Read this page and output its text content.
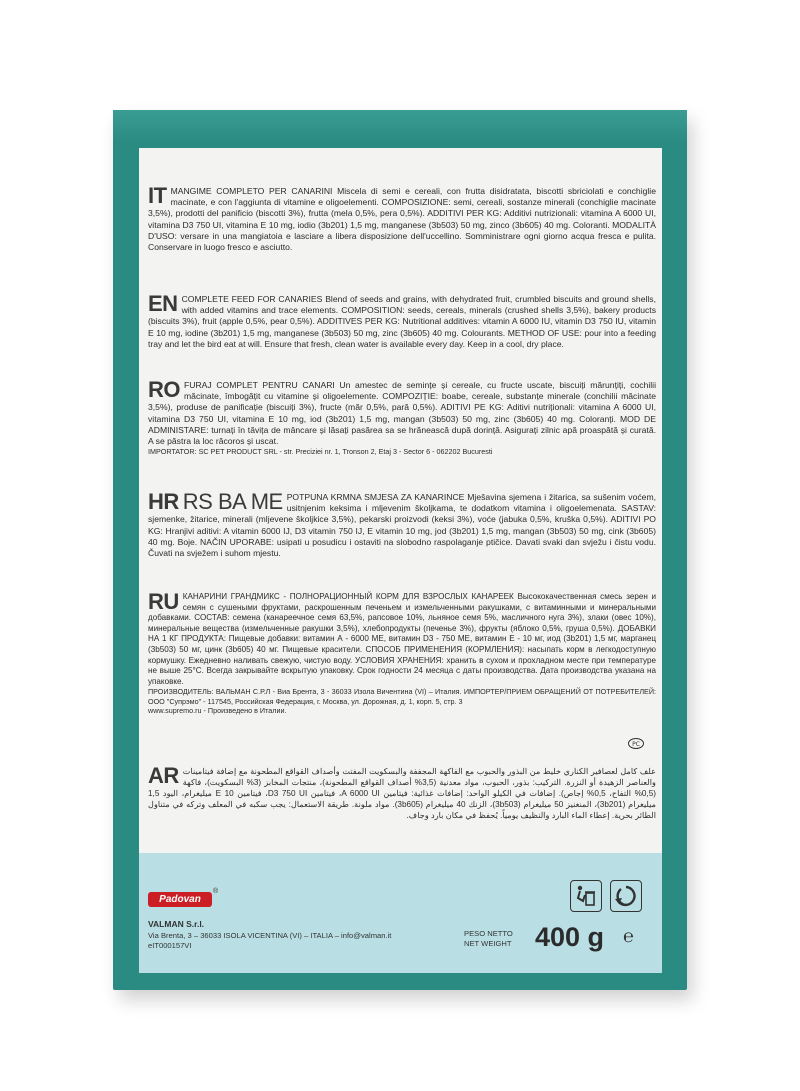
IT MANGIME COMPLETO PER CANARINI Miscela di semi e cereali, con frutta disidratata, biscotti sbriciolati e conchiglie macinate, e con l'aggiunta di vitamine e oligoelementi. COMPOSIZIONE: semi, cereali, sostanze minerali (conchiglie macinate 3,5%), prodotti del panificio (biscotti 3%), frutta (mela 0,5%, pera 0,5%). ADDITIVI PER KG: Additivi nutrizionali: vitamina A 6000 UI, vitamina D3 750 UI, vitamina E 10 mg, iodio (3b201) 1,5 mg, manganese (3b503) 50 mg, zinco (3b605) 40 mg. Coloranti. MODALITÀ D'USO: versare in una mangiatoia e lasciare a libera disposizione dell'uccellino. Somministrare ogni giorno acqua fresca e pulita. Conservare in luogo fresco e asciutto.
EN COMPLETE FEED FOR CANARIES Blend of seeds and grains, with dehydrated fruit, crumbled biscuits and ground shells, with added vitamins and trace elements. COMPOSITION: seeds, cereals, minerals (crushed shells 3,5%), bakery products (biscuits 3%), fruit (apple 0,5%, pear 0,5%). ADDITIVES PER KG: Nutritional additives: vitamin A 6000 IU, vitamin D3 750 IU, vitamin E 10 mg, iodine (3b201) 1,5 mg, manganese (3b503) 50 mg, zinc (3b605) 40 mg. Colourants. METHOD OF USE: pour into a feeding tray and let the bird eat at will. Ensure that fresh, clean water is available every day. Keep in a cool, dry place.
RO FURAJ COMPLET PENTRU CANARI Un amestec de semințe și cereale, cu fructe uscate, biscuiți mărunțiți, cochilii măcinate, îmbogățit cu vitamine și oligoelemente. COMPOZIȚIE: boabe, cereale, substanțe minerale (conchilii măcinate 3,5%), produse de panificație (biscuiți 3%), fructe (măr 0,5%, pară 0,5%). ADITIVI PE KG: Aditivi nutriționali: vitamina A 6000 UI, vitamina D3 750 UI, vitamina E 10 mg, iod (3b201) 1,5 mg, mangan (3b503) 50 mg, zinc (3b605) 40 mg. Coloranți. MOD DE ADMINISTARE: turnați în tăvița de mâncare și lăsați pasărea sa se hrănească după dorință. Asigurați zilnic apă proaspătă și curată. A se păstra la loc răcoros și uscat.
IMPORTATOR: SC PET PRODUCT SRL - str. Preciziei nr. 1, Tronson 2, Etaj 3 - Sector 6 - 062202 Bucuresti
HR RS BA ME POTPUNA KRMNA SMJESA ZA KANARINCE Mješavina sjemena i žitarica, sa sušenim voćem, usitnjenim keksima i mljevenim školjkama, te dodatkom vitamina i oligoelemenata. SASTAV: sjemenke, žitarice, minerali (mljevene školjkice 3,5%), pekarski proizvodi (keksi 3%), voće (jabuka 0,5%, kruška 0,5%). ADITIVI PO KG: Hranjivi aditivi: A vitamin 6000 IJ, D3 vitamin 750 IJ, E vitamin 10 mg, jod (3b201) 1,5 mg, mangan (3b503) 50 mg, cink (3b605) 40 mg. Boje. NAČIN UPORABE: usipati u posudicu i ostaviti na slobodno raspolaganje ptičice. Davati svaki dan svježu i čistu vodu. Čuvati na svježem i suhom mjestu.
RU КАНАРИНИ ГРАНДМИКС - ПОЛНОРАЦИОННЫЙ КОРМ ДЛЯ ВЗРОСЛЫХ КАНАРЕЕК Высококачественная смесь зерен и семян с сушеными фруктами, раскрошенным печеньем и измельченными ракушками, с витаминными и минеральными добавками. СОСТАВ: семена (канареечное семя 63,5%, рапсовое 10%, льняное семя 5%, масличного нуга 3%), злаки (овес 10%), минеральные вещества (измельченные ракушки 3,5%), хлебопродукты (печенье 3%), фрукты (яблоко 0,5%, груша 0,5%). ДОБАВКИ НА 1 КГ ПРОДУКТА: Пищевые добавки: витамин А - 6000 МЕ, витамин D3 - 750 МЕ, витамин Е - 10 мг, иод (3b201) 1,5 мг, марганец (3b503) 50 мг, цинк (3b605) 40 мг. Пищевые красители. СПОСОБ ПРИМЕНЕНИЯ (КОРМЛЕНИЯ): насыпать корм в легкодоступную кормушку. Ежедневно наливать свежую, чистую воду. УСЛОВИЯ ХРАНЕНИЯ: хранить в сухом и прохладном месте при температуре не выше 25°С. Всегда закрывайте вскрытую упаковку. Срок годности 24 месяца с даты производства. Дата производства указана на упаковке.
ПРОИЗВОДИТЕЛЬ: ВАЛЬМАН С.Р.Л - Виа Брента, 3 - 36033 Изола Вичентина (VI) – Италия. ИМПОРТЕР/ПРИЕМ ОБРАЩЕНИЙ ОТ ПОТРЕБИТЕЛЕЙ: ООО "Супрэмо" - 117545, Российская Федерация, г. Москва, ул. Дорожная, д. 1, корп. 5, стр. 3
www.supremo.ru - Произведено в Италии.
PC
AR علف كامل لعصافير الكناري خليط من البذور والحبوب مع الفاكهة المجففة والبسكويت المفتت وأصداف القواقع المطحونة مع إضافة فيتامينات والعناصر الزهيدة أو النزرة. التركيب: بذور، الحبوب، مواد معدنية (3,5% أصداف القواقع المطحونة)، منتجات المخابز (3% البسكويت)، فاكهة (0,5% التفاح، 0,5% إجاص). إضافات في الكيلو الواحد: إضافات غذائية: فيتامين A 6000 UI، فيتامين D3 750 UI، فيتامين E 10 ميليغرام، اليود 1,5 ميليغرام (3b201)، المنغنيز 50 ميليغرام (3b503)، الزنك 40 ميليغرام (3b605). مواد ملونة. طريقة الاستعمال: يجب سكبه في المعلف وتركه في متناول الطائر بحرية. إعطاء الماء البارد والنظيف يومياً. يُحفظ في مكان بارد وجاف.
Padovan
®
VALMAN S.r.l.
Via Brenta, 3 – 36033 ISOLA VICENTINA (VI) – ITALIA – info@valman.it
eIT000157VI
PESO NETTO
NET WEIGHT 400 g ℮
